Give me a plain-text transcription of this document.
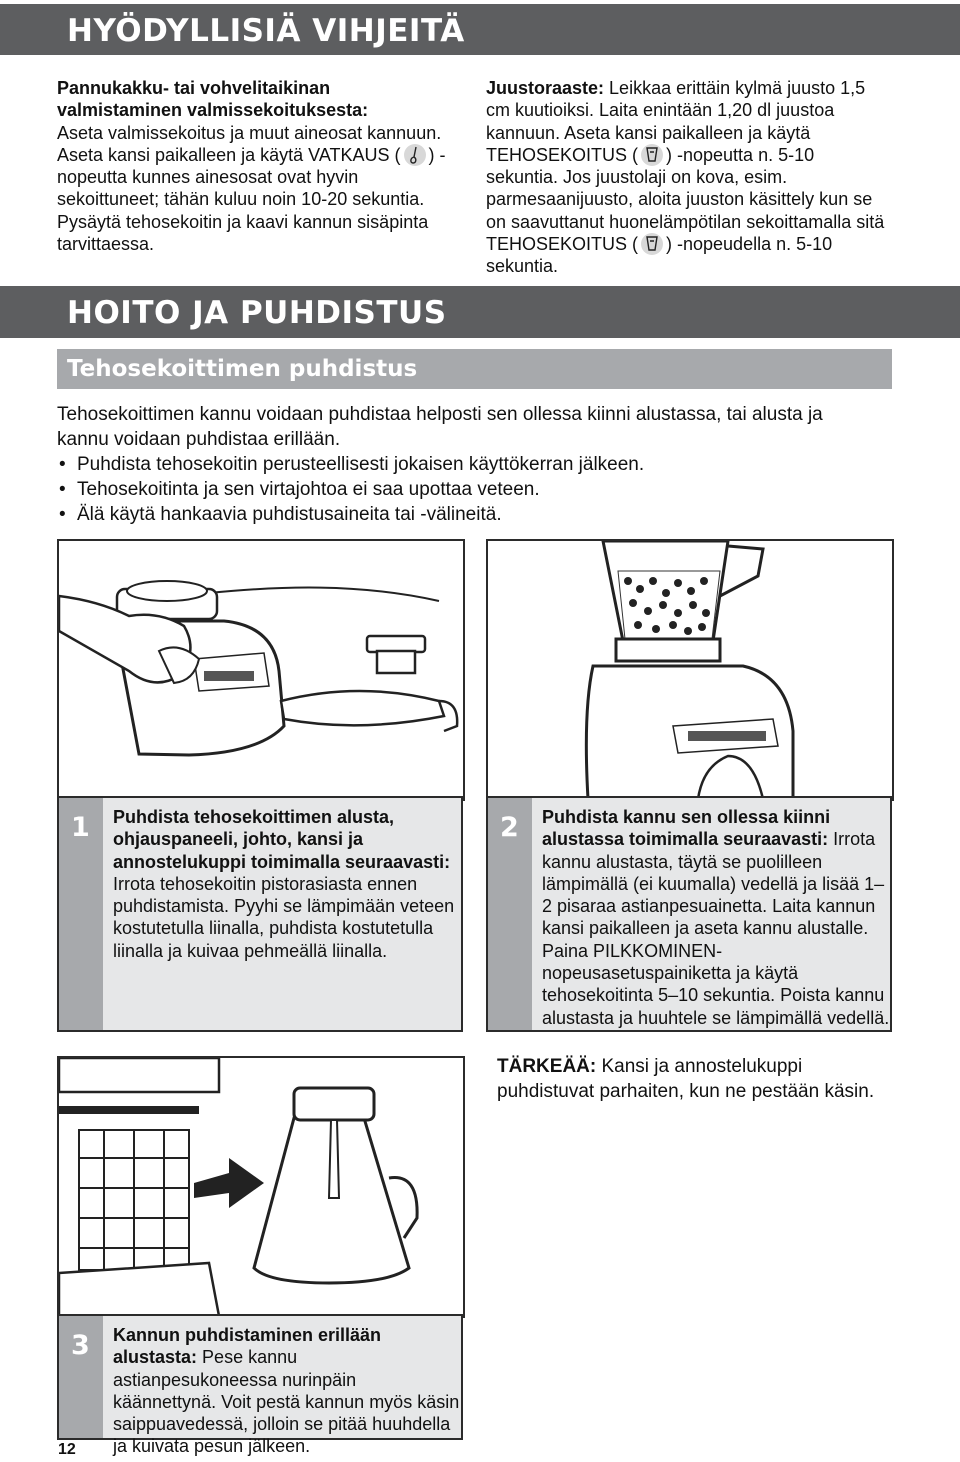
HYÖDYLLISIÄ VIHJEITÄ
Pannukakku- tai vohvelitaikinan valmistaminen valmissekoituksesta:
Aseta valmissekoitus ja muut aineosat kannuun. Aseta kansi paikalleen ja käytä VATKAUS ( ) -nopeutta kunnes ainesosat ovat hyvin sekoittuneet; tähän kuluu noin 10-20 sekuntia. Pysäytä tehosekoitin ja kaavi kannun sisäpinta tarvittaessa.
Juustoraaste: Leikkaa erittäin kylmä juusto 1,5 cm kuutioiksi. Laita enintään 1,20 dl juustoa kannuun. Aseta kansi paikalleen ja käytä TEHOSEKOITUS ( ) -nopeutta n. 5-10 sekuntia. Jos juustolaji on kova, esim. parmesaanijuusto, aloita juuston käsittely kun se on saavuttanut huonelämpötilan sekoittamalla sitä TEHOSEKOITUS ( ) -nopeudella n. 5-10 sekuntia.
HOITO JA PUHDISTUS
Tehosekoittimen puhdistus
Tehosekoittimen kannu voidaan puhdistaa helposti sen ollessa kiinni alustassa, tai alusta ja kannu voidaan puhdistaa erillään.
• Puhdista tehosekoitin perusteellisesti jokaisen käyttökerran jälkeen.
• Tehosekoitinta ja sen virtajohtoa ei saa upottaa veteen.
• Älä käytä hankaavia puhdistusaineita tai -välineitä.
1 Puhdista tehosekoittimen alusta, ohjauspaneeli, johto, kansi ja annostelukuppi toimimalla seuraavasti: Irrota tehosekoitin pistorasiasta ennen puhdistamista. Pyyhi se lämpimään veteen kostutetulla liinalla, puhdista kostutetulla liinalla ja kuivaa pehmeällä liinalla.
2 Puhdista kannu sen ollessa kiinni alustassa toimimalla seuraavasti: Irrota kannu alustasta, täytä se puolilleen lämpimällä (ei kuumalla) vedellä ja lisää 1–2 pisaraa astianpesuainetta. Laita kannun kansi paikalleen ja aseta kannu alustalle. Paina PILKKOMINEN-nopeusasetuspainiketta ja käytä tehosekoitinta 5–10 sekuntia. Poista kannu alustasta ja huuhtele se lämpimällä vedellä.
3 Kannun puhdistaminen erillään alustasta: Pese kannu astianpesukoneessa nurinpäin käännettynä. Voit pestä kannun myös käsin saippuavedessä, jolloin se pitää huuhdella ja kuivata pesun jälkeen.
TÄRKEÄÄ: Kansi ja annostelukuppi puhdistuvat parhaiten, kun ne pestään käsin.
12
